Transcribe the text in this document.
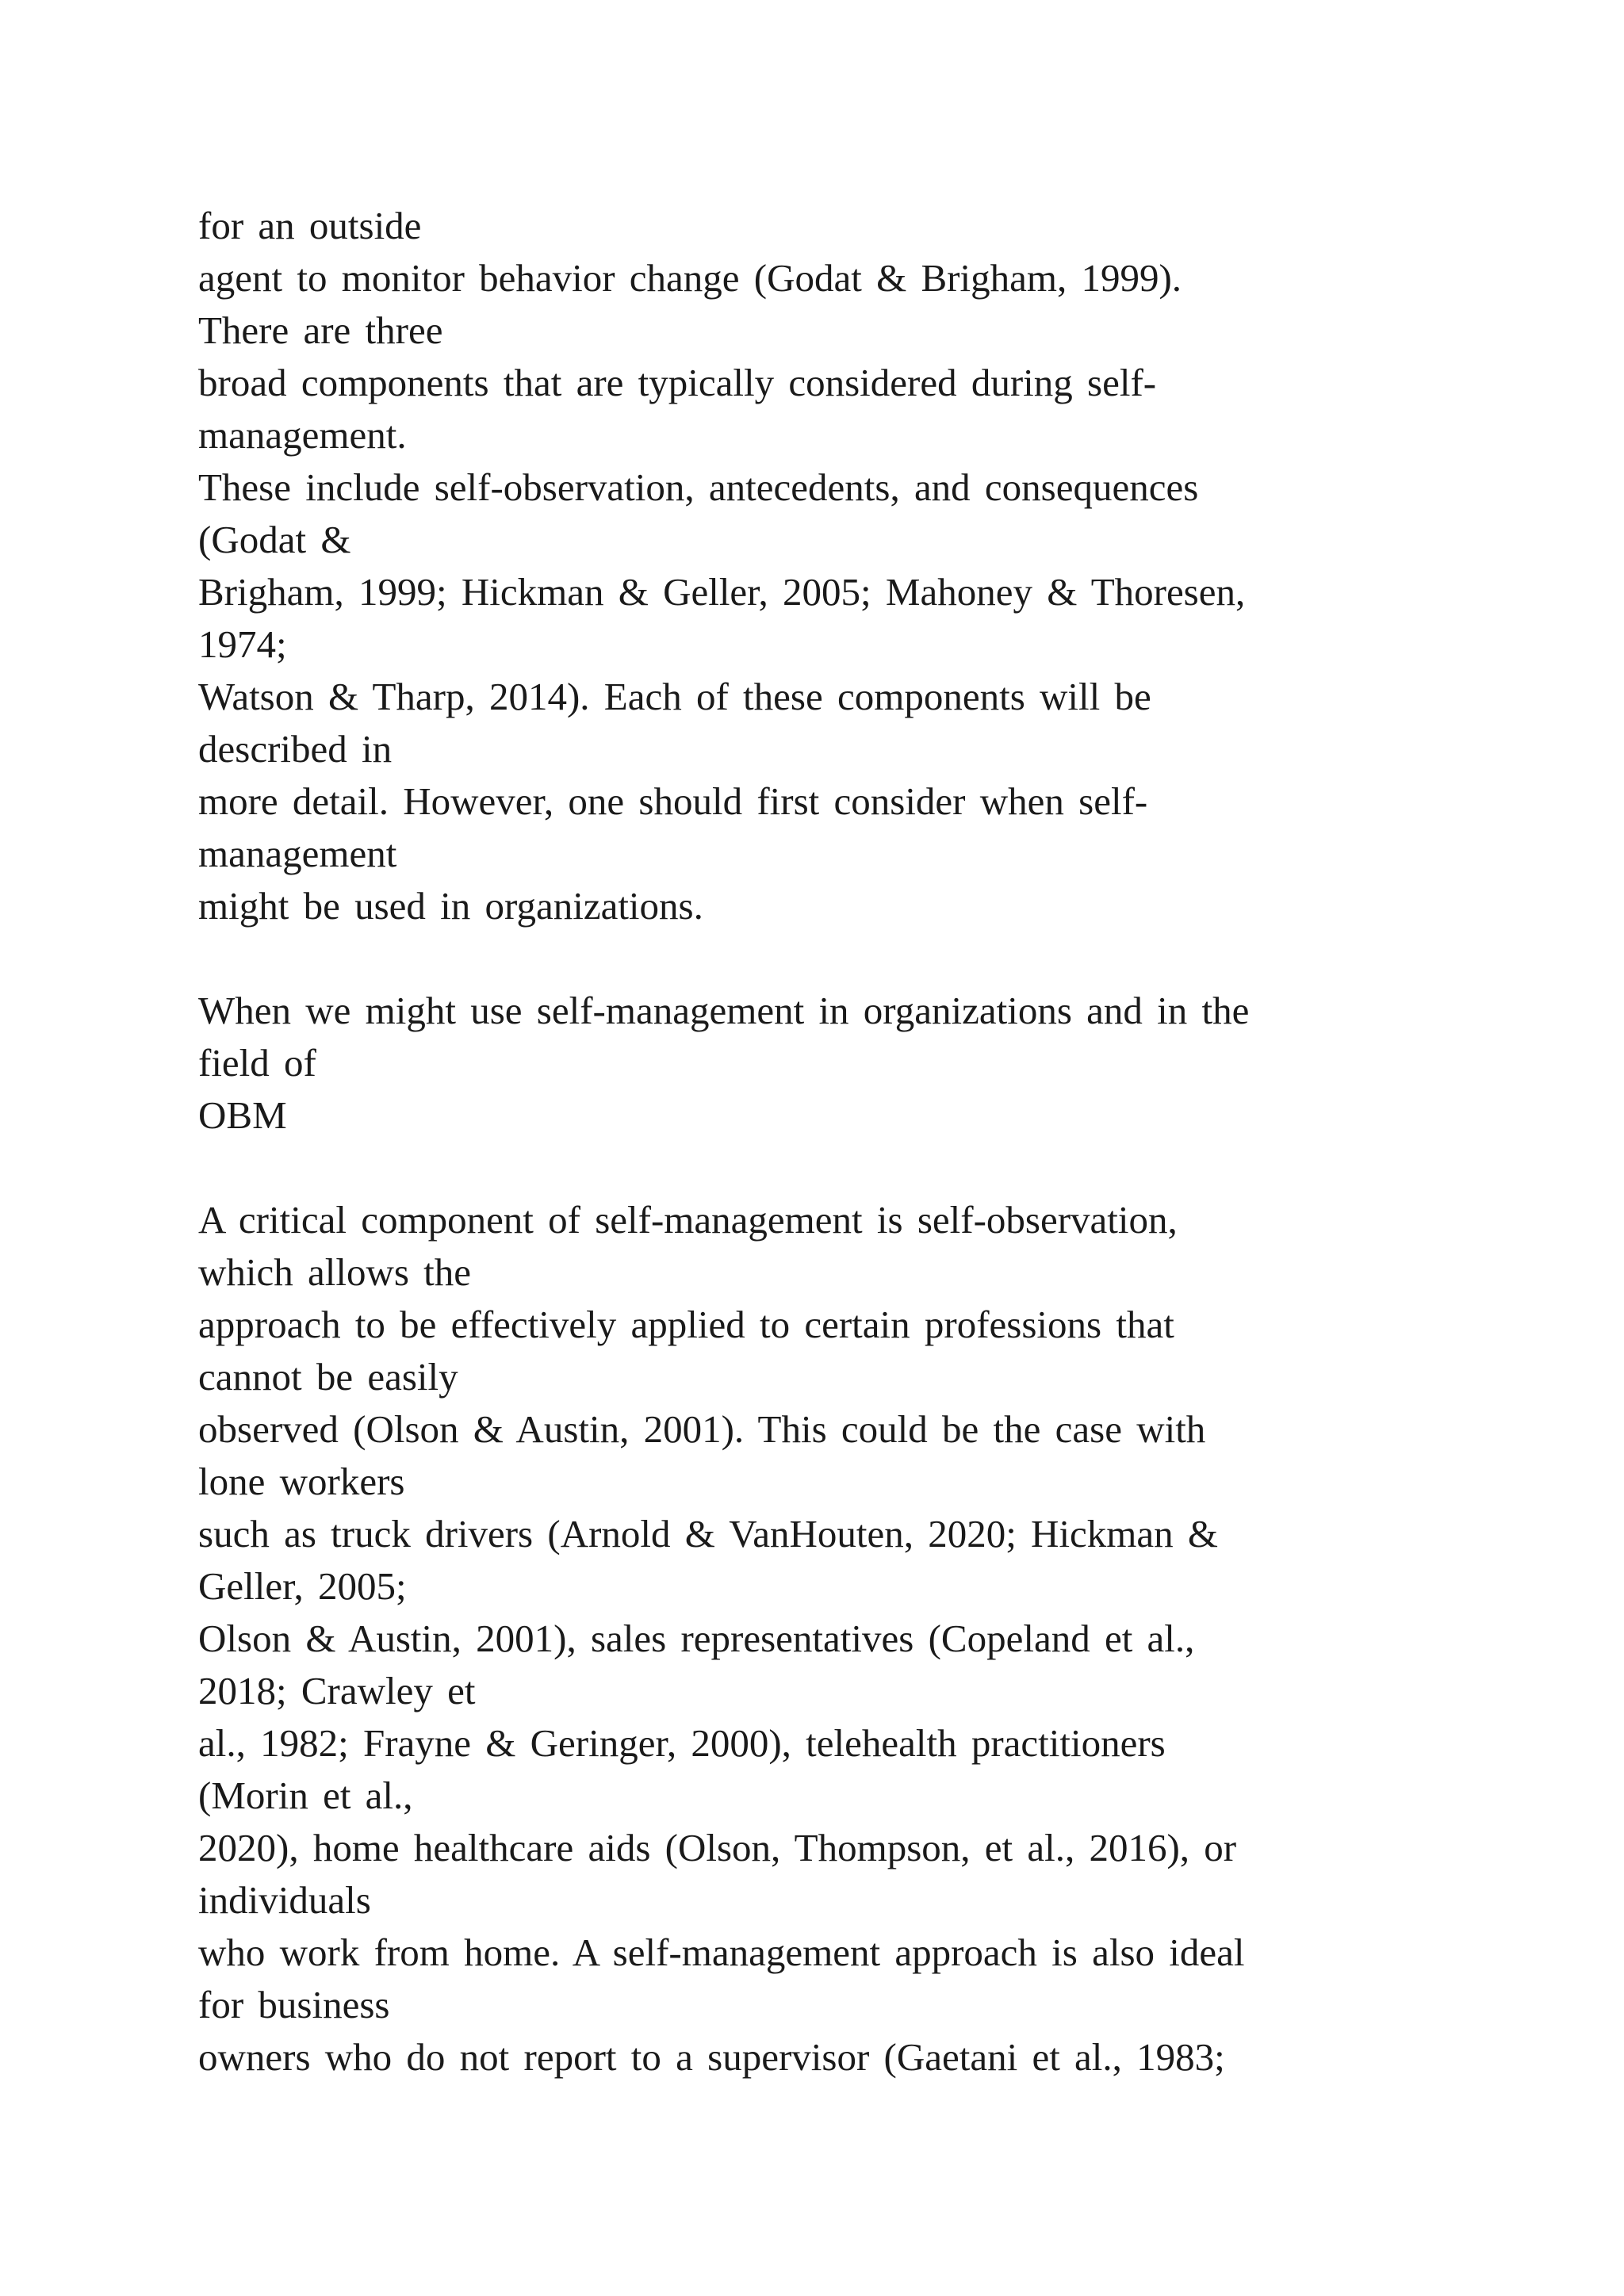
for an outside
agent to monitor behavior change (Godat & Brigham, 1999).
There are three
broad components that are typically considered during self-
management.
These include self-observation, antecedents, and consequences
(Godat &
Brigham, 1999; Hickman & Geller, 2005; Mahoney & Thoresen,
1974;
Watson & Tharp, 2014). Each of these components will be
described in
more detail. However, one should first consider when self-
management
might be used in organizations.
When we might use self-management in organizations and in the
field of
OBM
A critical component of self-management is self-observation,
which allows the
approach to be effectively applied to certain professions that
cannot be easily
observed (Olson & Austin, 2001). This could be the case with
lone workers
such as truck drivers (Arnold & VanHouten, 2020; Hickman &
Geller, 2005;
Olson & Austin, 2001), sales representatives (Copeland et al.,
2018; Crawley et
al., 1982; Frayne & Geringer, 2000), telehealth practitioners
(Morin et al.,
2020), home healthcare aids (Olson, Thompson, et al., 2016), or
individuals
who work from home. A self-management approach is also ideal
for business
owners who do not report to a supervisor (Gaetani et al., 1983;
